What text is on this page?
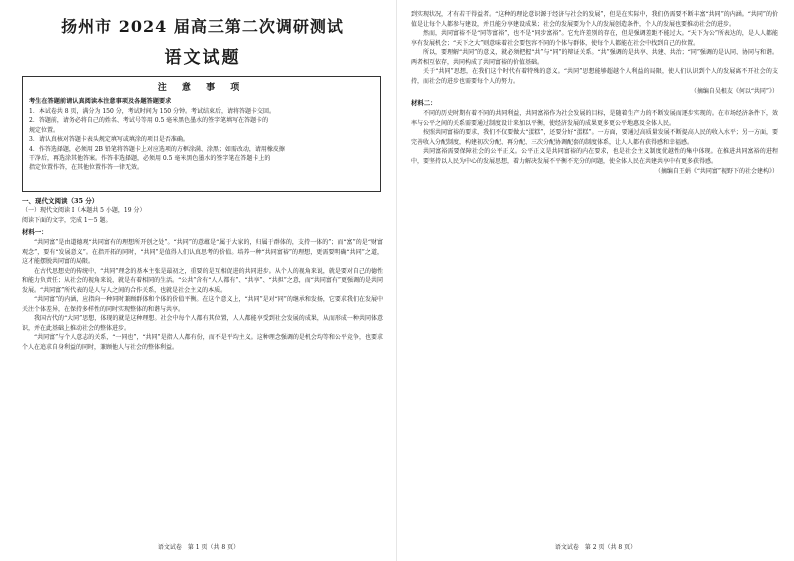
扬州市 2024 届高三第二次调研测试
语文试题
注 意 事 项
考生在答题前请认真阅读本注意事项及各题答题要求

1．本试卷共 8 页，满分为 150 分，考试时间为 150 分钟。考试结束后，请将答题卡交回。

2．答题前，请务必将自己的姓名、考试号等用 0.5 毫米黑色墨水的签字笔填写在答题卡的

规定位置。

3．请认真核对答题卡表头规定填写或填涂的项目是否准确。

4．作答选择题，必须用 2B 铅笔将答题卡上对应选项的方框涂满、涂黑；如需改动，请用橡皮擦

干净后，再选涂其他答案。作答非选择题，必须用 0.5 毫米黑色墨水的签字笔在答题卡上的

指定位置作答，在其他位置作答一律无效。

一、现代文阅读（35 分）
（一）现代文阅读 I（本题共 5 小题，19 分）
阅读下面的文字，完成 1～5 题。
材料一：

“共同富”是由道德观“共同富有的理想所开创之处”。“共同”的意蕴是“属于大家的，归属于群体的，支持一体的”；而“富”的是“财富观念”，要有“发展意义”。在指开拓的同时，“共同”是值得人们认真思考的价值。培养一种“共同富裕”的理想，更需要明确“共同”之道，这才能摆脱共同富的局限。

在古代思想史的传统中，“共同”理念的基本主张是最初之，重要的是互相促进的共同进步。从个人的视角来说，就是要对自己的德性和能力负责任；从社会的视角来说，就是有着相同的生活。“公共”含有“人人都有”、“共享”、“共担”之意，而“共同富有”更强调的是共同发展。“共同富”所代表的是人与人之间的合作关系，也就是社会主义的本质。

“共同富”的内涵，应指向一种同时兼顾群体和个体的价值平衡。在这个意义上，“共同”是对“同”的继承和发扬，它要求我们在发展中关注个体差异，在保持多样性的同时实现整体的和谐与共享。

我国古代的“大同”思想，体现的就是这种理想。社会中每个人都有其位置，人人都能享受到社会发展的成果，从而形成一种共同体意识，并在此基础上推动社会的整体进步。

“共同富”与个人意志的关系，“一同也”，“共同”是指人人都有份，而不是平均主义。这种理念强调的是机会均等和公平竞争，也要求个人在追求自身利益的同时，兼顾他人与社会的整体利益。

语文试卷　第 1 页（共 8 页）

到实现状况，才有若干得益者。“这种的理论意识源于经济与社会的发展”，但是在实际中，我们仍需要不断丰富“共同”的内涵。“共同”的价值是让每个人都参与建设，并且能分享建设成果；社会的发展要为个人的发展创造条件，个人的发展也要推动社会的进步。

然而，共同富裕不是“同等富裕”，也不是“同步富裕”。它允许差别的存在，但是强调差距不能过大。“天下为公”所表达的，是人人都能享有发展机会；“天下之大”则意味着社会要包容不同的个体与群体，使每个人都能在社会中找到自己的位置。

所以，要理解“共同”的意义，就必须把握“共”与“同”的辩证关系。“共”强调的是共享、共建、共治；“同”强调的是认同、协同与和谐。两者相互依存，共同构成了共同富裕的价值基础。

关于“共同”思想，在我们这个时代有着特殊的意义。“共同”思想能够超越个人利益的局限，使人们认识到个人的发展离不开社会的支持，而社会的进步也需要每个人的努力。

（摘编自吴根友《何以“共同”》）
材料二：

不同的历史时期有着不同的共同利益，共同富裕作为社会发展的目标，是随着生产力的不断发展而逐步实现的。在市场经济条件下，效率与公平之间的关系需要通过制度设计来加以平衡，使经济发展的成果更多更公平地惠及全体人民。

按照共同富裕的要求，我们不仅要做大“蛋糕”，还要分好“蛋糕”。一方面，要通过高质量发展不断提高人民的收入水平；另一方面，要完善收入分配制度，构建初次分配、再分配、三次分配协调配套的制度体系，让人人都有获得感和幸福感。

共同富裕需要保障社会的公平正义。公平正义是共同富裕的内在要求，也是社会主义制度优越性的集中体现。在推进共同富裕的进程中，要坚持以人民为中心的发展思想，着力解决发展不平衡不充分的问题，使全体人民在共建共享中有更多获得感。

（摘编自王娟《“共同富”视野下的社会建构》）
语文试卷　第 2 页（共 8 页）
